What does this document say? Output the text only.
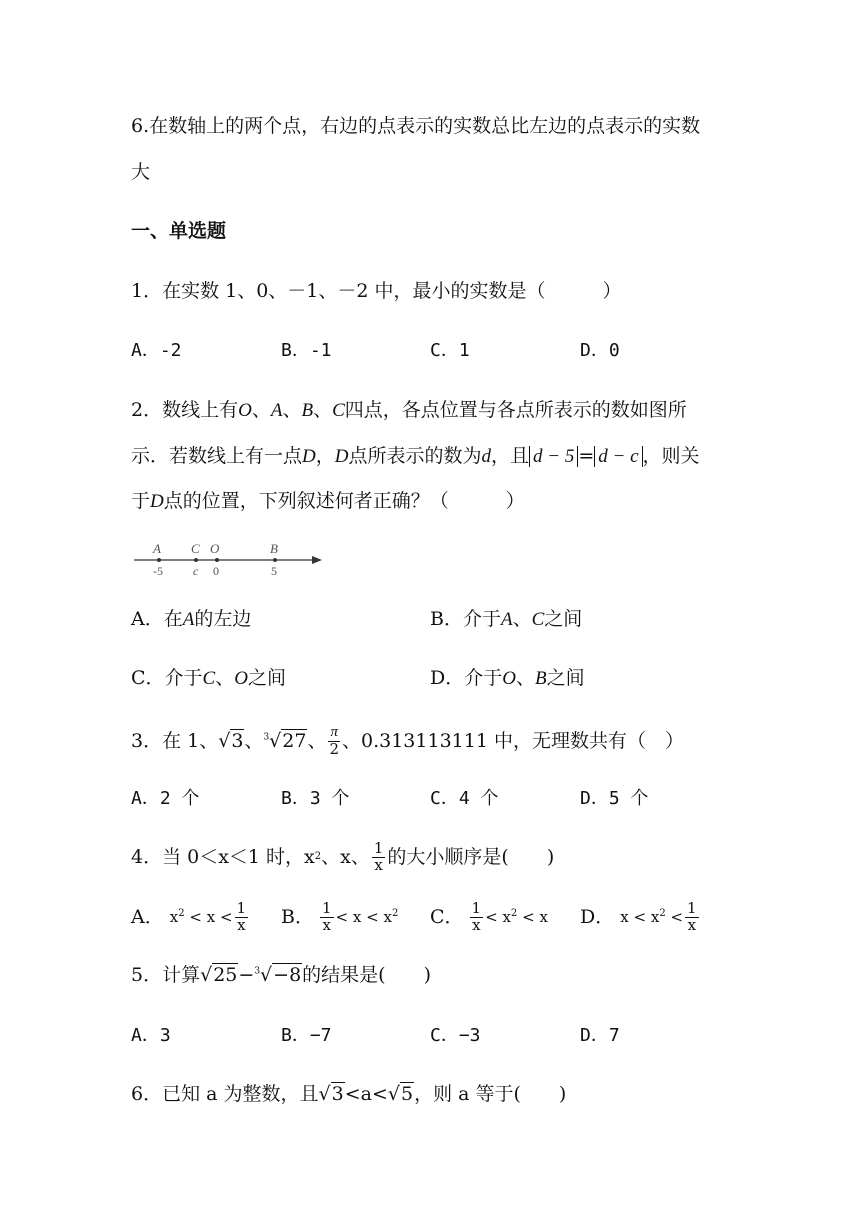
6.在数轴上的两个点，右边的点表示的实数总比左边的点表示的实数
大
一、单选题
1．在实数 1、0、－1、－2 中，最小的实数是（　　　）
A．-2	B．-1	C．1	D．0
2．数线上有O、A、B、C四点，各点位置与各点所表示的数如图所
示．若数线上有一点D，D点所表示的数为d，且 d − 5 = d − c ，则关
于D点的位置，下列叙述何者正确？（　　　）
A C O	B
-5	c 0	5
A．在A的左边	B．介于A、C之间
C．介于C、O之间	D．介于O、B之间
3．在 1、 √3 、 $^3$√27 、 $\frac{\pi}{2}$ 、0.313113111 中，无理数共有（　）
A．2 个	B．3 个	C．4 个	D．5 个
4．当 0＜x＜1 时，x 2 、x、 $\frac{1}{x}$ 的大小顺序是(　　)
A． $x^2 < x < \frac{1}{x}$ B． $\frac{1}{x} < x < x^2$ C． $\frac{1}{x} < x^2 < x$ D． $x < x^2 < \frac{1}{x}$
5．计算√25−$^3$√−8的结果是(　　)
A．3	B．−7	C．−3	D．7
6．已知 a 为整数，且√3<a<√5，则 a 等于(　　)
